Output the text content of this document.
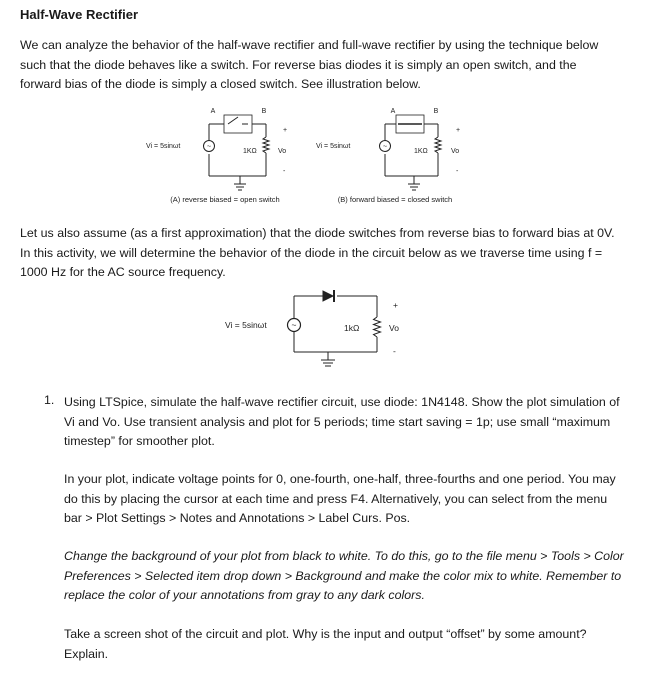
Half-Wave Rectifier
We can analyze the behavior of the half-wave rectifier and full-wave rectifier by using the technique below such that the diode behaves like a switch. For reverse bias diodes it is simply an open switch, and the forward bias of the diode is simply a closed switch. See illustration below.
~
A	B
Vi = 5sinωt
1KΩ
+
Vo
-
(A) reverse biased = open switch
~
A	B
Vi = 5sinωt
1KΩ
+
Vo
-
(B) forward biased = closed switch
Let us also assume (as a first approximation) that the diode switches from reverse bias to forward bias at 0V. In this activity, we will determine the behavior of the diode in the circuit below as we traverse time using f = 1000 Hz for the AC source frequency.
~
Vi = 5sinωt	1kΩ
+
Vo
-
1. Using LTSpice, simulate the half-wave rectifier circuit, use diode: 1N4148. Show the plot simulation of Vi and Vo. Use transient analysis and plot for 5 periods; time start saving = 1p; use small “maximum timestep” for smoother plot.
In your plot, indicate voltage points for 0, one-fourth, one-half, three-fourths and one period. You may do this by placing the cursor at each time and press F4. Alternatively, you can select from the menu bar > Plot Settings > Notes and Annotations > Label Curs. Pos.
Change the background of your plot from black to white. To do this, go to the file menu > Tools > Color Preferences > Selected item drop down > Background and make the color mix to white. Remember to replace the color of your annotations from gray to any dark colors.
Take a screen shot of the circuit and plot. Why is the input and output “offset” by some amount? Explain.
